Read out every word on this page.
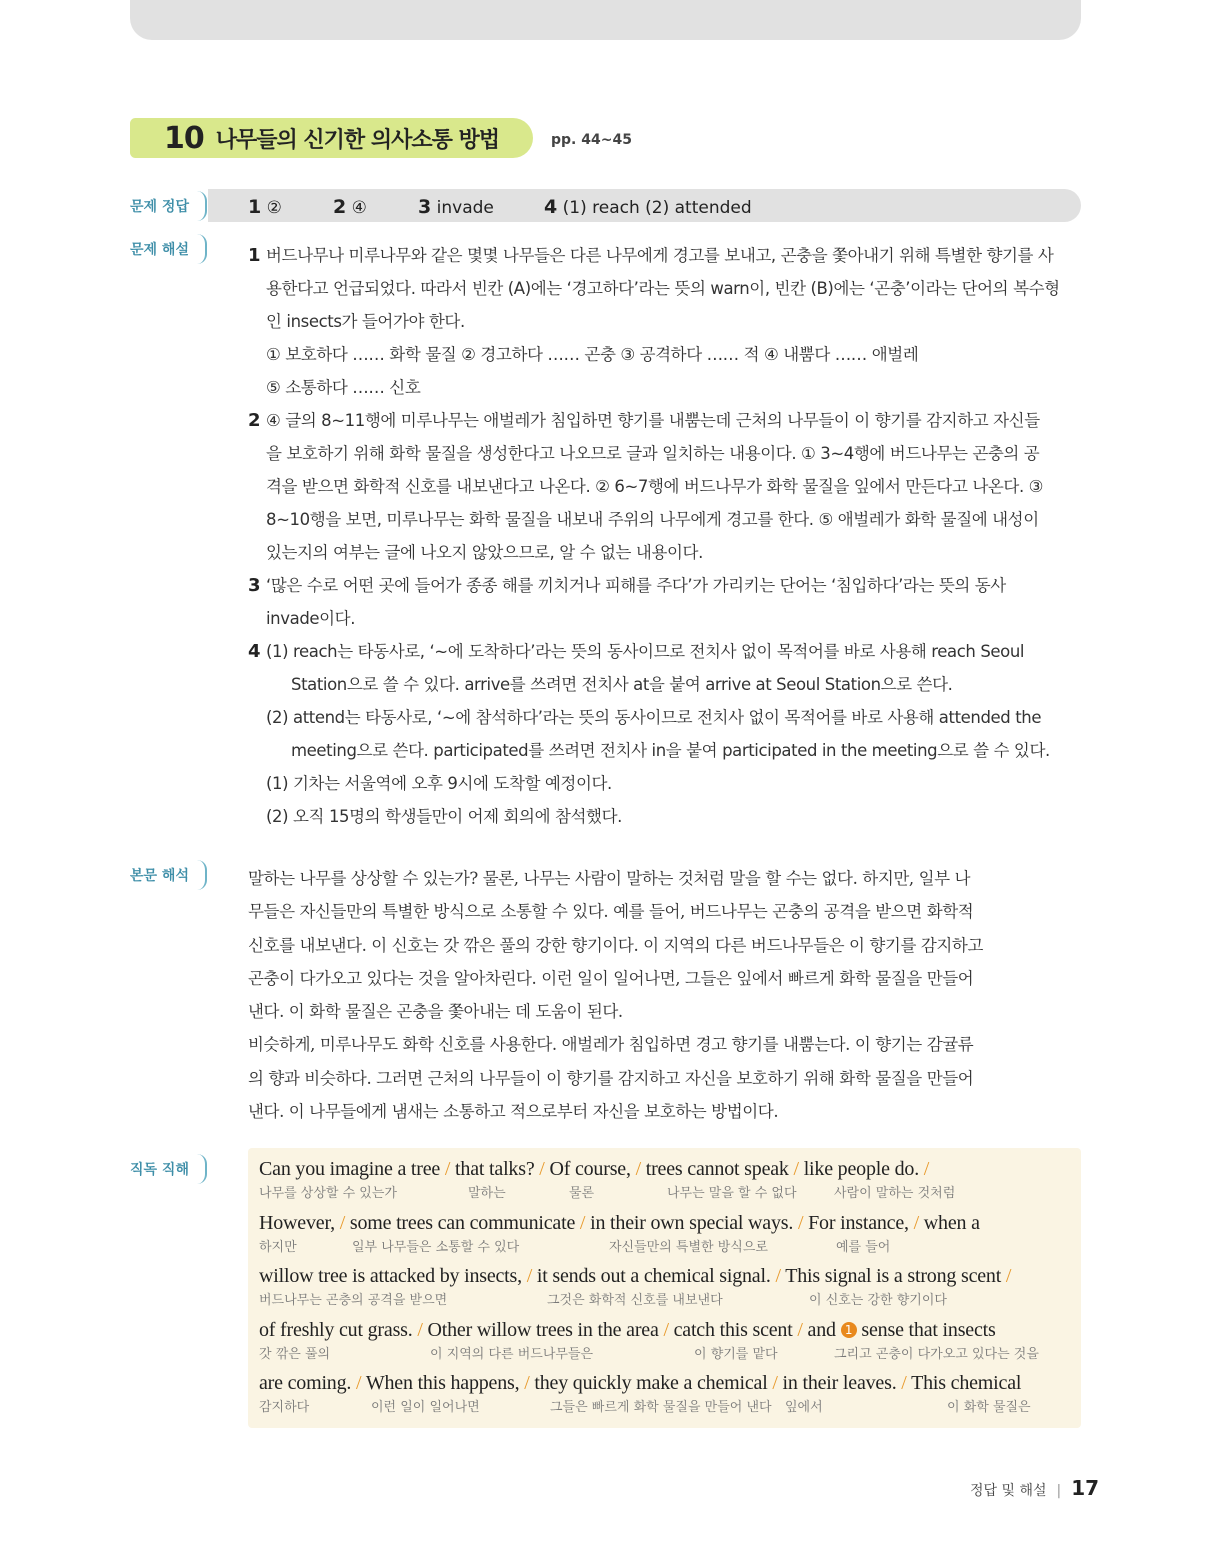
10 나무들의 신기한 의사소통 방법	pp. 44~45
문제 정답	1 ②	2 ④	3 invade	4 (1) reach (2) attended
문제 해설	1 버드나무나 미루나무와 같은 몇몇 나무들은 다른 나무에게 경고를 보내고, 곤충을 쫓아내기 위해 특별한 향기를 사
용한다고 언급되었다. 따라서 빈칸 (A)에는 ‘경고하다’라는 뜻의 warn이, 빈칸 (B)에는 ‘곤충’이라는 단어의 복수형
인 insects가 들어가야 한다.
① 보호하다 …… 화학 물질 ② 경고하다 …… 곤충 ③ 공격하다 …… 적 ④ 내뿜다 …… 애벌레
⑤ 소통하다 …… 신호
2 ④ 글의 8∼11행에 미루나무는 애벌레가 침입하면 향기를 내뿜는데 근처의 나무들이 이 향기를 감지하고 자신들
을 보호하기 위해 화학 물질을 생성한다고 나오므로 글과 일치하는 내용이다. ① 3∼4행에 버드나무는 곤충의 공
격을 받으면 화학적 신호를 내보낸다고 나온다. ② 6∼7행에 버드나무가 화학 물질을 잎에서 만든다고 나온다. ③
8∼10행을 보면, 미루나무는 화학 물질을 내보내 주위의 나무에게 경고를 한다. ⑤ 애벌레가 화학 물질에 내성이
있는지의 여부는 글에 나오지 않았으므로, 알 수 없는 내용이다.
3 ‘많은 수로 어떤 곳에 들어가 종종 해를 끼치거나 피해를 주다’가 가리키는 단어는 ‘침입하다’라는 뜻의 동사
invade이다.
4 (1) reach는 타동사로, ‘∼에 도착하다’라는 뜻의 동사이므로 전치사 없이 목적어를 바로 사용해 reach Seoul
Station으로 쓸 수 있다. arrive를 쓰려면 전치사 at을 붙여 arrive at Seoul Station으로 쓴다.
(2) attend는 타동사로, ‘∼에 참석하다’라는 뜻의 동사이므로 전치사 없이 목적어를 바로 사용해 attended the
meeting으로 쓴다. participated를 쓰려면 전치사 in을 붙여 participated in the meeting으로 쓸 수 있다.
(1) 기차는 서울역에 오후 9시에 도착할 예정이다.
(2) 오직 15명의 학생들만이 어제 회의에 참석했다.
본문 해석	말하는 나무를 상상할 수 있는가? 물론, 나무는 사람이 말하는 것처럼 말을 할 수는 없다. 하지만, 일부 나

무들은 자신들만의 특별한 방식으로 소통할 수 있다. 예를 들어, 버드나무는 곤충의 공격을 받으면 화학적

신호를 내보낸다. 이 신호는 갓 깎은 풀의 강한 향기이다. 이 지역의 다른 버드나무들은 이 향기를 감지하고

곤충이 다가오고 있다는 것을 알아차린다. 이런 일이 일어나면, 그들은 잎에서 빠르게 화학 물질을 만들어

낸다. 이 화학 물질은 곤충을 쫓아내는 데 도움이 된다.

비슷하게, 미루나무도 화학 신호를 사용한다. 애벌레가 침입하면 경고 향기를 내뿜는다. 이 향기는 감귤류

의 향과 비슷하다. 그러면 근처의 나무들이 이 향기를 감지하고 자신을 보호하기 위해 화학 물질을 만들어

낸다. 이 나무들에게 냄새는 소통하고 적으로부터 자신을 보호하는 방법이다.

직독 직해	Can you imagine a tree / that talks? / Of course, / trees cannot speak / like people do. /
나무를 상상할 수 있는가	말하는	물론	나무는 말을 할 수 없다	사람이 말하는 것처럼
However, / some trees can communicate / in their own special ways. / For instance, / when a
하지만	일부 나무들은 소통할 수 있다	자신들만의 특별한 방식으로	예를 들어
willow tree is attacked by insects, / it sends out a chemical signal. / This signal is a strong scent /
버드나무는 곤충의 공격을 받으면	그것은 화학적 신호를 내보낸다	이 신호는 강한 향기이다
of freshly cut grass. / Other willow trees in the area / catch this scent / and 1 sense that insects
갓 깎은 풀의	이 지역의 다른 버드나무들은	이 향기를 맡다	그리고 곤충이 다가오고 있다는 것을
are coming. / When this happens, / they quickly make a chemical / in their leaves. / This chemical
감지하다	이런 일이 일어나면	그들은 빠르게 화학 물질을 만들어 낸다 잎에서	이 화학 물질은
정답 및 해설 | 17
